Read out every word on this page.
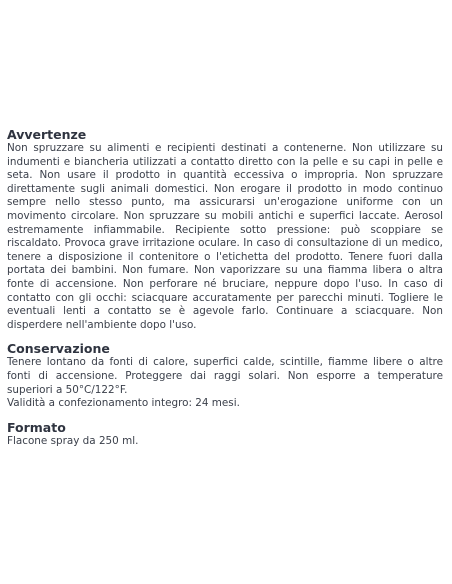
Avvertenze

Non spruzzare su alimenti e recipienti destinati a contenerne. Non utilizzare su indumenti e biancheria utilizzati a contatto diretto con la pelle e su capi in pelle e seta. Non usare il prodotto in quantità eccessiva o impropria. Non spruzzare direttamente sugli animali domestici. Non erogare il prodotto in modo continuo sempre nello stesso punto, ma assicurarsi un'erogazione uniforme con un movimento circolare. Non spruzzare su mobili antichi e superfici laccate. Aerosol estremamente infiammabile. Recipiente sotto pressione: può scoppiare se riscaldato. Provoca grave irritazione oculare. In caso di consultazione di un medico, tenere a disposizione il contenitore o l'etichetta del prodotto. Tenere fuori dalla portata dei bambini. Non fumare. Non vaporizzare su una fiamma libera o altra fonte di accensione. Non perforare né bruciare, neppure dopo l'uso. In caso di contatto con gli occhi: sciacquare accuratamente per parecchi minuti. Togliere le eventuali lenti a contatto se è agevole farlo. Continuare a sciacquare. Non disperdere nell'ambiente dopo l'uso.

Conservazione

Tenere lontano da fonti di calore, superfici calde, scintille, fiamme libere o altre fonti di accensione. Proteggere dai raggi solari. Non esporre a temperature superiori a 50°C/122°F.

Validità a confezionamento integro: 24 mesi.

Formato

Flacone spray da 250 ml.
